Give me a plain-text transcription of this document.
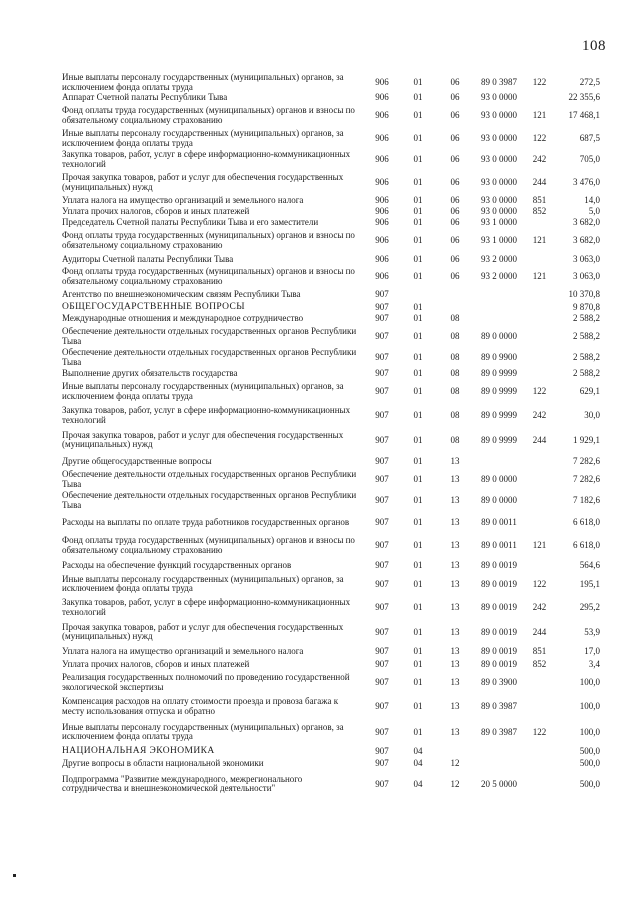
108
Иные выплаты персоналу государственных (муниципальных) органов, за исключением фонда оплаты труда	906	01	06	89 0 3987	122	272,5
Аппарат Счетной палаты Республики Тыва	906	01	06	93 0 0000		22 355,6
Фонд оплаты труда государственных (муниципальных) органов и взносы по обязательному социальному страхованию	906	01	06	93 0 0000	121	17 468,1
Иные выплаты персоналу государственных (муниципальных) органов, за исключением фонда оплаты труда	906	01	06	93 0 0000	122	687,5
Закупка товаров, работ, услуг в сфере информационно-коммуникационных технологий	906	01	06	93 0 0000	242	705,0
Прочая закупка товаров, работ и услуг для обеспечения государственных (муниципальных) нужд	906	01	06	93 0 0000	244	3 476,0
Уплата налога на имущество организаций и земельного налога	906	01	06	93 0 0000	851	14,0
Уплата прочих налогов, сборов и иных платежей	906	01	06	93 0 0000	852	5,0
Председатель Счетной палаты Республики Тыва и его заместители	906	01	06	93 1 0000		3 682,0
Фонд оплаты труда государственных (муниципальных) органов и взносы по обязательному социальному страхованию	906	01	06	93 1 0000	121	3 682,0
Аудиторы Счетной палаты Республики Тыва	906	01	06	93 2 0000		3 063,0
Фонд оплаты труда государственных (муниципальных) органов и взносы по обязательному социальному страхованию	906	01	06	93 2 0000	121	3 063,0
Агентство по внешнеэкономическим связям Республики Тыва	907					10 370,8
ОБЩЕГОСУДАРСТВЕННЫЕ ВОПРОСЫ	907	01				9 870,8
Международные отношения и международное сотрудничество	907	01	08			2 588,2
Обеспечение деятельности отдельных государственных органов Республики Тыва	907	01	08	89 0 0000		2 588,2
Обеспечение деятельности отдельных государственных органов Республики Тыва	907	01	08	89 0 9900		2 588,2
Выполнение других обязательств государства	907	01	08	89 0 9999		2 588,2
Иные выплаты персоналу государственных (муниципальных) органов, за исключением фонда оплаты труда	907	01	08	89 0 9999	122	629,1
Закупка товаров, работ, услуг в сфере информационно-коммуникационных технологий	907	01	08	89 0 9999	242	30,0
Прочая закупка товаров, работ и услуг для обеспечения государственных (муниципальных) нужд	907	01	08	89 0 9999	244	1 929,1
Другие общегосударственные вопросы	907	01	13			7 282,6
Обеспечение деятельности отдельных государственных органов Республики Тыва	907	01	13	89 0 0000		7 282,6
Обеспечение деятельности отдельных государственных органов Республики Тыва	907	01	13	89 0 0000		7 182,6
Расходы на выплаты по оплате труда работников государственных органов	907	01	13	89 0 0011		6 618,0
Фонд оплаты труда государственных (муниципальных) органов и взносы по обязательному социальному страхованию	907	01	13	89 0 0011	121	6 618,0
Расходы на обеспечение функций государственных органов	907	01	13	89 0 0019		564,6
Иные выплаты персоналу государственных (муниципальных) органов, за исключением фонда оплаты труда	907	01	13	89 0 0019	122	195,1
Закупка товаров, работ, услуг в сфере информационно-коммуникационных технологий	907	01	13	89 0 0019	242	295,2
Прочая закупка товаров, работ и услуг для обеспечения государственных (муниципальных) нужд	907	01	13	89 0 0019	244	53,9
Уплата налога на имущество организаций и земельного налога	907	01	13	89 0 0019	851	17,0
Уплата прочих налогов, сборов и иных платежей	907	01	13	89 0 0019	852	3,4
Реализация государственных полномочий по проведению государственной экологической экспертизы	907	01	13	89 0 3900		100,0
Компенсация расходов на оплату стоимости проезда и провоза багажа к месту использования отпуска и обратно	907	01	13	89 0 3987		100,0
Иные выплаты персоналу государственных (муниципальных) органов, за исключением фонда оплаты труда	907	01	13	89 0 3987	122	100,0
НАЦИОНАЛЬНАЯ ЭКОНОМИКА	907	04				500,0
Другие вопросы в области национальной экономики	907	04	12			500,0
Подпрограмма "Развитие международного, межрегионального сотрудничества и внешнеэкономической деятельности"	907	04	12	20 5 0000		500,0
